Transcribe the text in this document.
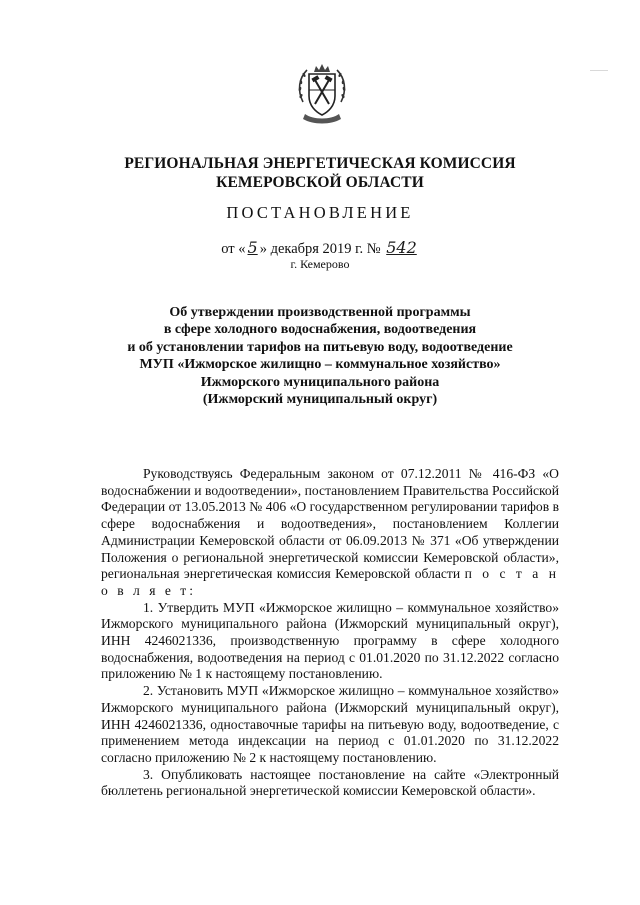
РЕГИОНАЛЬНАЯ ЭНЕРГЕТИЧЕСКАЯ КОМИССИЯ
КЕМЕРОВСКОЙ ОБЛАСТИ
ПОСТАНОВЛЕНИЕ
от « 5 » декабря 2019 г. № 542
г. Кемерово
Об утверждении производственной программы
в сфере холодного водоснабжения, водоотведения
и об установлении тарифов на питьевую воду, водоотведение
МУП «Ижморское жилищно – коммунальное хозяйство»
Ижморского муниципального района
(Ижморский муниципальный округ)

Руководствуясь Федеральным законом от 07.12.2011 № 416-ФЗ «О водоснабжении и водоотведении», постановлением Правительства Российской Федерации от 13.05.2013 № 406 «О государственном регулировании тарифов в сфере водоснабжения и водоотведения», постановлением Коллегии Администрации Кемеровской области от 06.09.2013 № 371 «Об утверждении Положения о региональной энергетической комиссии Кемеровской области», региональная энергетическая комиссия Кемеровской области п о с т а н о в л я е т:

1. Утвердить МУП «Ижморское жилищно – коммунальное хозяйство» Ижморского муниципального района (Ижморский муниципальный округ), ИНН 4246021336, производственную программу в сфере холодного водоснабжения, водоотведения на период с 01.01.2020 по 31.12.2022 согласно приложению № 1 к настоящему постановлению.

2. Установить МУП «Ижморское жилищно – коммунальное хозяйство» Ижморского муниципального района (Ижморский муниципальный округ), ИНН 4246021336, одноставочные тарифы на питьевую воду, водоотведение, с применением метода индексации на период с 01.01.2020 по 31.12.2022 согласно приложению № 2 к настоящему постановлению.

3. Опубликовать настоящее постановление на сайте «Электронный бюллетень региональной энергетической комиссии Кемеровской области».
